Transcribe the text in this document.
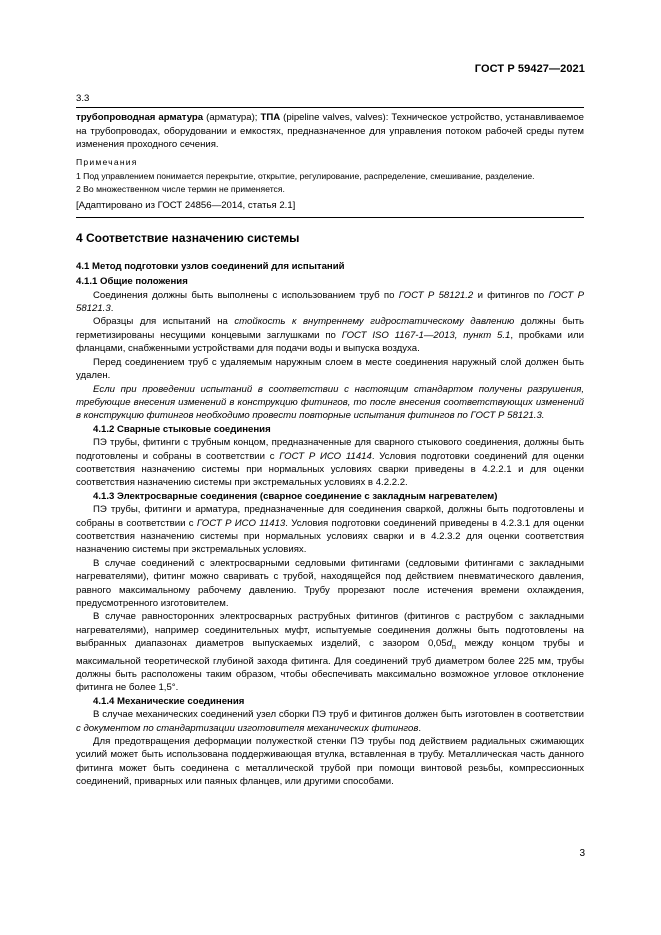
ГОСТ Р 59427—2021

3.3

трубопроводная арматура (арматура); ТПА (pipeline valves, valves): Техническое устройство, устанавливаемое на трубопроводах, оборудовании и емкостях, предназначенное для управления потоком рабочей среды путем изменения проходного сечения.

Примечания

1 Под управлением понимается перекрытие, открытие, регулирование, распределение, смешивание, разделение.

2 Во множественном числе термин не применяется.

[Адаптировано из ГОСТ 24856—2014, статья 2.1]

4 Соответствие назначению системы

4.1 Метод подготовки узлов соединений для испытаний

4.1.1 Общие положения

Соединения должны быть выполнены с использованием труб по ГОСТ Р 58121.2 и фитингов по ГОСТ Р 58121.3.

Образцы для испытаний на стойкость к внутреннему гидростатическому давлению должны быть герметизированы несущими концевыми заглушками по ГОСТ ISO 1167-1—2013, пункт 5.1, пробками или фланцами, снабженными устройствами для подачи воды и выпуска воздуха.

Перед соединением труб с удаляемым наружным слоем в месте соединения наружный слой должен быть удален.

Если при проведении испытаний в соответствии с настоящим стандартом получены разрушения, требующие внесения изменений в конструкцию фитингов, то после внесения соответствующих изменений в конструкцию фитингов необходимо провести повторные испытания фитингов по ГОСТ Р 58121.3.

4.1.2 Сварные стыковые соединения

ПЭ трубы, фитинги с трубным концом, предназначенные для сварного стыкового соединения, должны быть подготовлены и собраны в соответствии с ГОСТ Р ИСО 11414. Условия подготовки соединений для оценки соответствия назначению системы при нормальных условиях сварки приведены в 4.2.2.1 и для оценки соответствия назначению системы при экстремальных условиях в 4.2.2.2.

4.1.3 Электросварные соединения (сварное соединение с закладным нагревателем)

ПЭ трубы, фитинги и арматура, предназначенные для соединения сваркой, должны быть подготовлены и собраны в соответствии с ГОСТ Р ИСО 11413. Условия подготовки соединений приведены в 4.2.3.1 для оценки соответствия назначению системы при нормальных условиях сварки и в 4.2.3.2 для оценки соответствия назначению системы при экстремальных условиях.

В случае соединений с электросварными седловыми фитингами (седловыми фитингами с закладными нагревателями), фитинг можно сваривать с трубой, находящейся под действием пневматического давления, равного максимальному рабочему давлению. Трубу прорезают после истечения времени охлаждения, предусмотренного изготовителем.

В случае равносторонних электросварных раструбных фитингов (фитингов с раструбом с закладными нагревателями), например соединительных муфт, испытуемые соединения должны быть подготовлены на выбранных диапазонах диаметров выпускаемых изделий, с зазором $0,05d_n$ между концом трубы и максимальной теоретической глубиной захода фитинга. Для соединений труб диаметром более 225 мм, трубы должны быть расположены таким образом, чтобы обеспечивать максимально возможное угловое отклонение фитинга не более 1,5°.

4.1.4 Механические соединения

В случае механических соединений узел сборки ПЭ труб и фитингов должен быть изготовлен в соответствии с документом по стандартизации изготовителя механических фитингов.

Для предотвращения деформации полужесткой стенки ПЭ трубы под действием радиальных сжимающих усилий может быть использована поддерживающая втулка, вставленная в трубу. Металлическая часть данного фитинга может быть соединена с металлической трубой при помощи винтовой резьбы, компрессионных соединений, приварных или паяных фланцев, или другими способами.

3
